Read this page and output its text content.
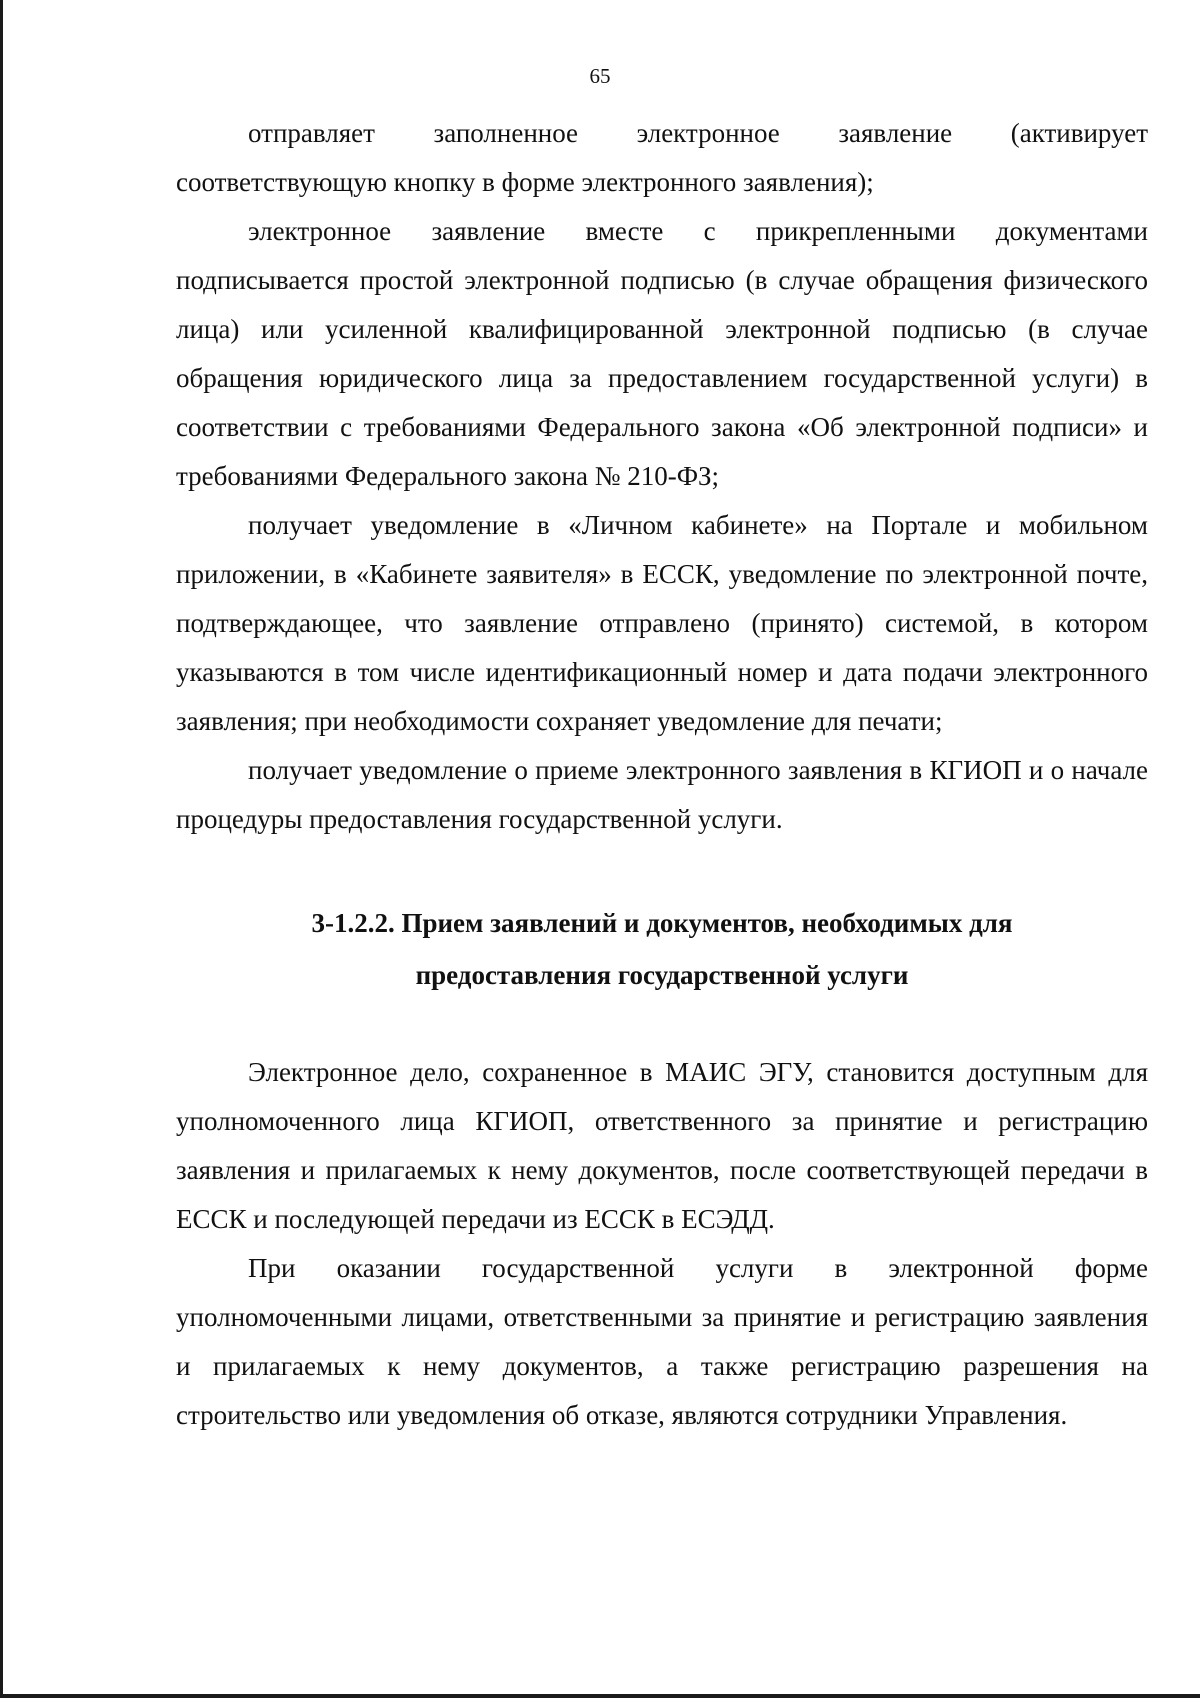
65

отправляет заполненное электронное заявление (активирует соответствующую кнопку в форме электронного заявления);

электронное заявление вместе с прикрепленными документами подписывается простой электронной подписью (в случае обращения физического лица) или усиленной квалифицированной электронной подписью (в случае обращения юридического лица за предоставлением государственной услуги) в соответствии с требованиями Федерального закона «Об электронной подписи» и требованиями Федерального закона № 210-ФЗ;

получает уведомление в «Личном кабинете» на Портале и мобильном приложении, в «Кабинете заявителя» в ЕССК, уведомление по электронной почте, подтверждающее, что заявление отправлено (принято) системой, в котором указываются в том числе идентификационный номер и дата подачи электронного заявления; при необходимости сохраняет уведомление для печати;

получает уведомление о приеме электронного заявления в КГИОП и о начале процедуры предоставления государственной услуги.

3-1.2.2. Прием заявлений и документов, необходимых для предоставления государственной услуги

Электронное дело, сохраненное в МАИС ЭГУ, становится доступным для уполномоченного лица КГИОП, ответственного за принятие и регистрацию заявления и прилагаемых к нему документов, после соответствующей передачи в ЕССК и последующей передачи из ЕССК в ЕСЭДД.

При оказании государственной услуги в электронной форме уполномоченными лицами, ответственными за принятие и регистрацию заявления и прилагаемых к нему документов, а также регистрацию разрешения на строительство или уведомления об отказе, являются сотрудники Управления.
